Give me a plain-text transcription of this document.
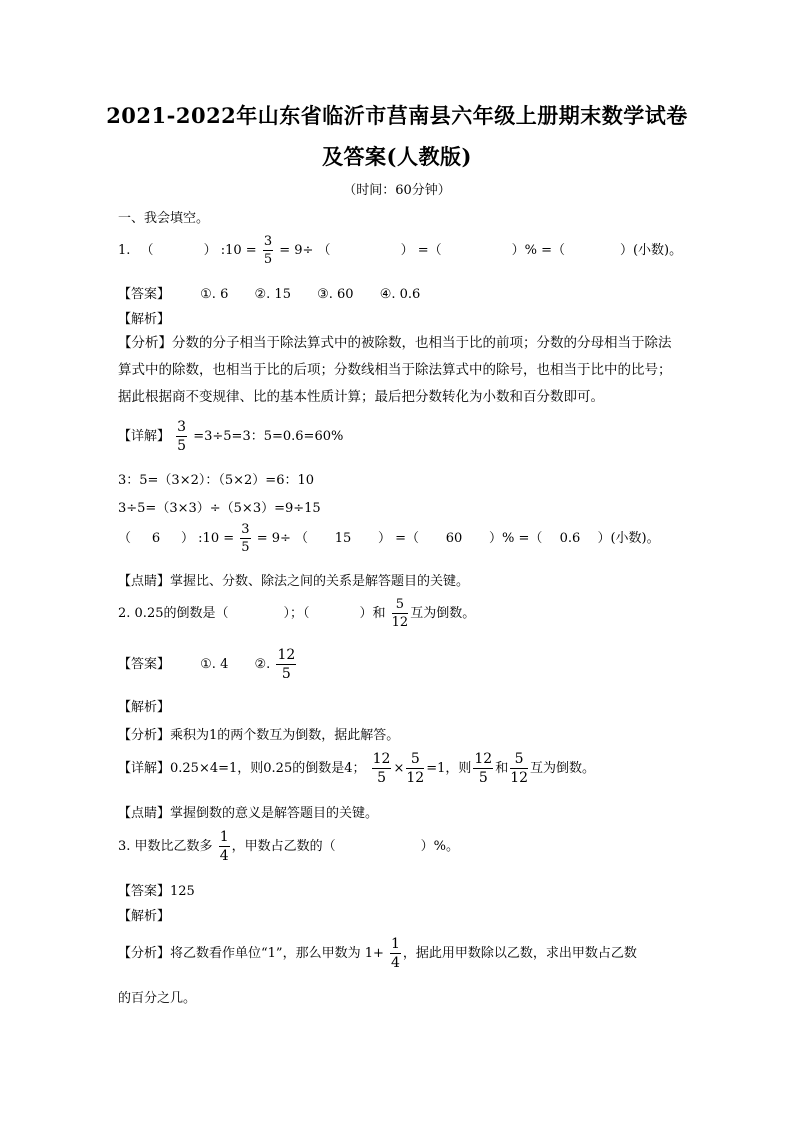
2021-2022年山东省临沂市莒南县六年级上册期末数学试卷
及答案(人教版)
（时间：60分钟）
一、我会填空。
1. （	） :10 = $\frac{3}{5} = 9\div$ （	） =（	）% =（	）(小数)。
【答案】 ①. 6 ②. 15 ③. 60 ④. 0.6
【解析】
【分析】分数的分子相当于除法算式中的被除数，也相当于比的前项；分数的分母相当于除法算式中的除数，也相当于比的后项；分数线相当于除法算式中的除号，也相当于比中的比号；据此根据商不变规律、比的基本性质计算；最后把分数转化为小数和百分数即可。
【详解】 $\frac{3}{5} =3\div 5=3$：5=0.6=60%
3：5=（3×2）：（5×2）=6：10
3÷5=（3×3）÷（5×3）=9÷15
（ 6 ） :10 = $\frac{3}{5} = 9\div$ （ 15 ） =（ 60 ）% =（ 0.6 ）(小数)。
【点睛】掌握比、分数、除法之间的关系是解答题目的关键。
2. 0.25的倒数是（	）；（	）和 $\frac{5}{12}$ 互为倒数。
【答案】 ①. 4 ②. $\frac{12}{5}$
【解析】
【分析】乘积为1的两个数互为倒数，据此解答。
【详解】0.25×4=1，则0.25的倒数是4； $\frac{12}{5} \times \frac{5}{12} =1$，则 $\frac{12}{5}$ 和 $\frac{5}{12}$ 互为倒数。
【点睛】掌握倒数的意义是解答题目的关键。
3. 甲数比乙数多 $\frac{1}{4}$ ，甲数占乙数的（	）%。
【答案】125
【解析】
【分析】将乙数看作单位“1”，那么甲数为 $1+ \frac{1}{4}$ ，据此用甲数除以乙数，求出甲数占乙数
的百分之几。
